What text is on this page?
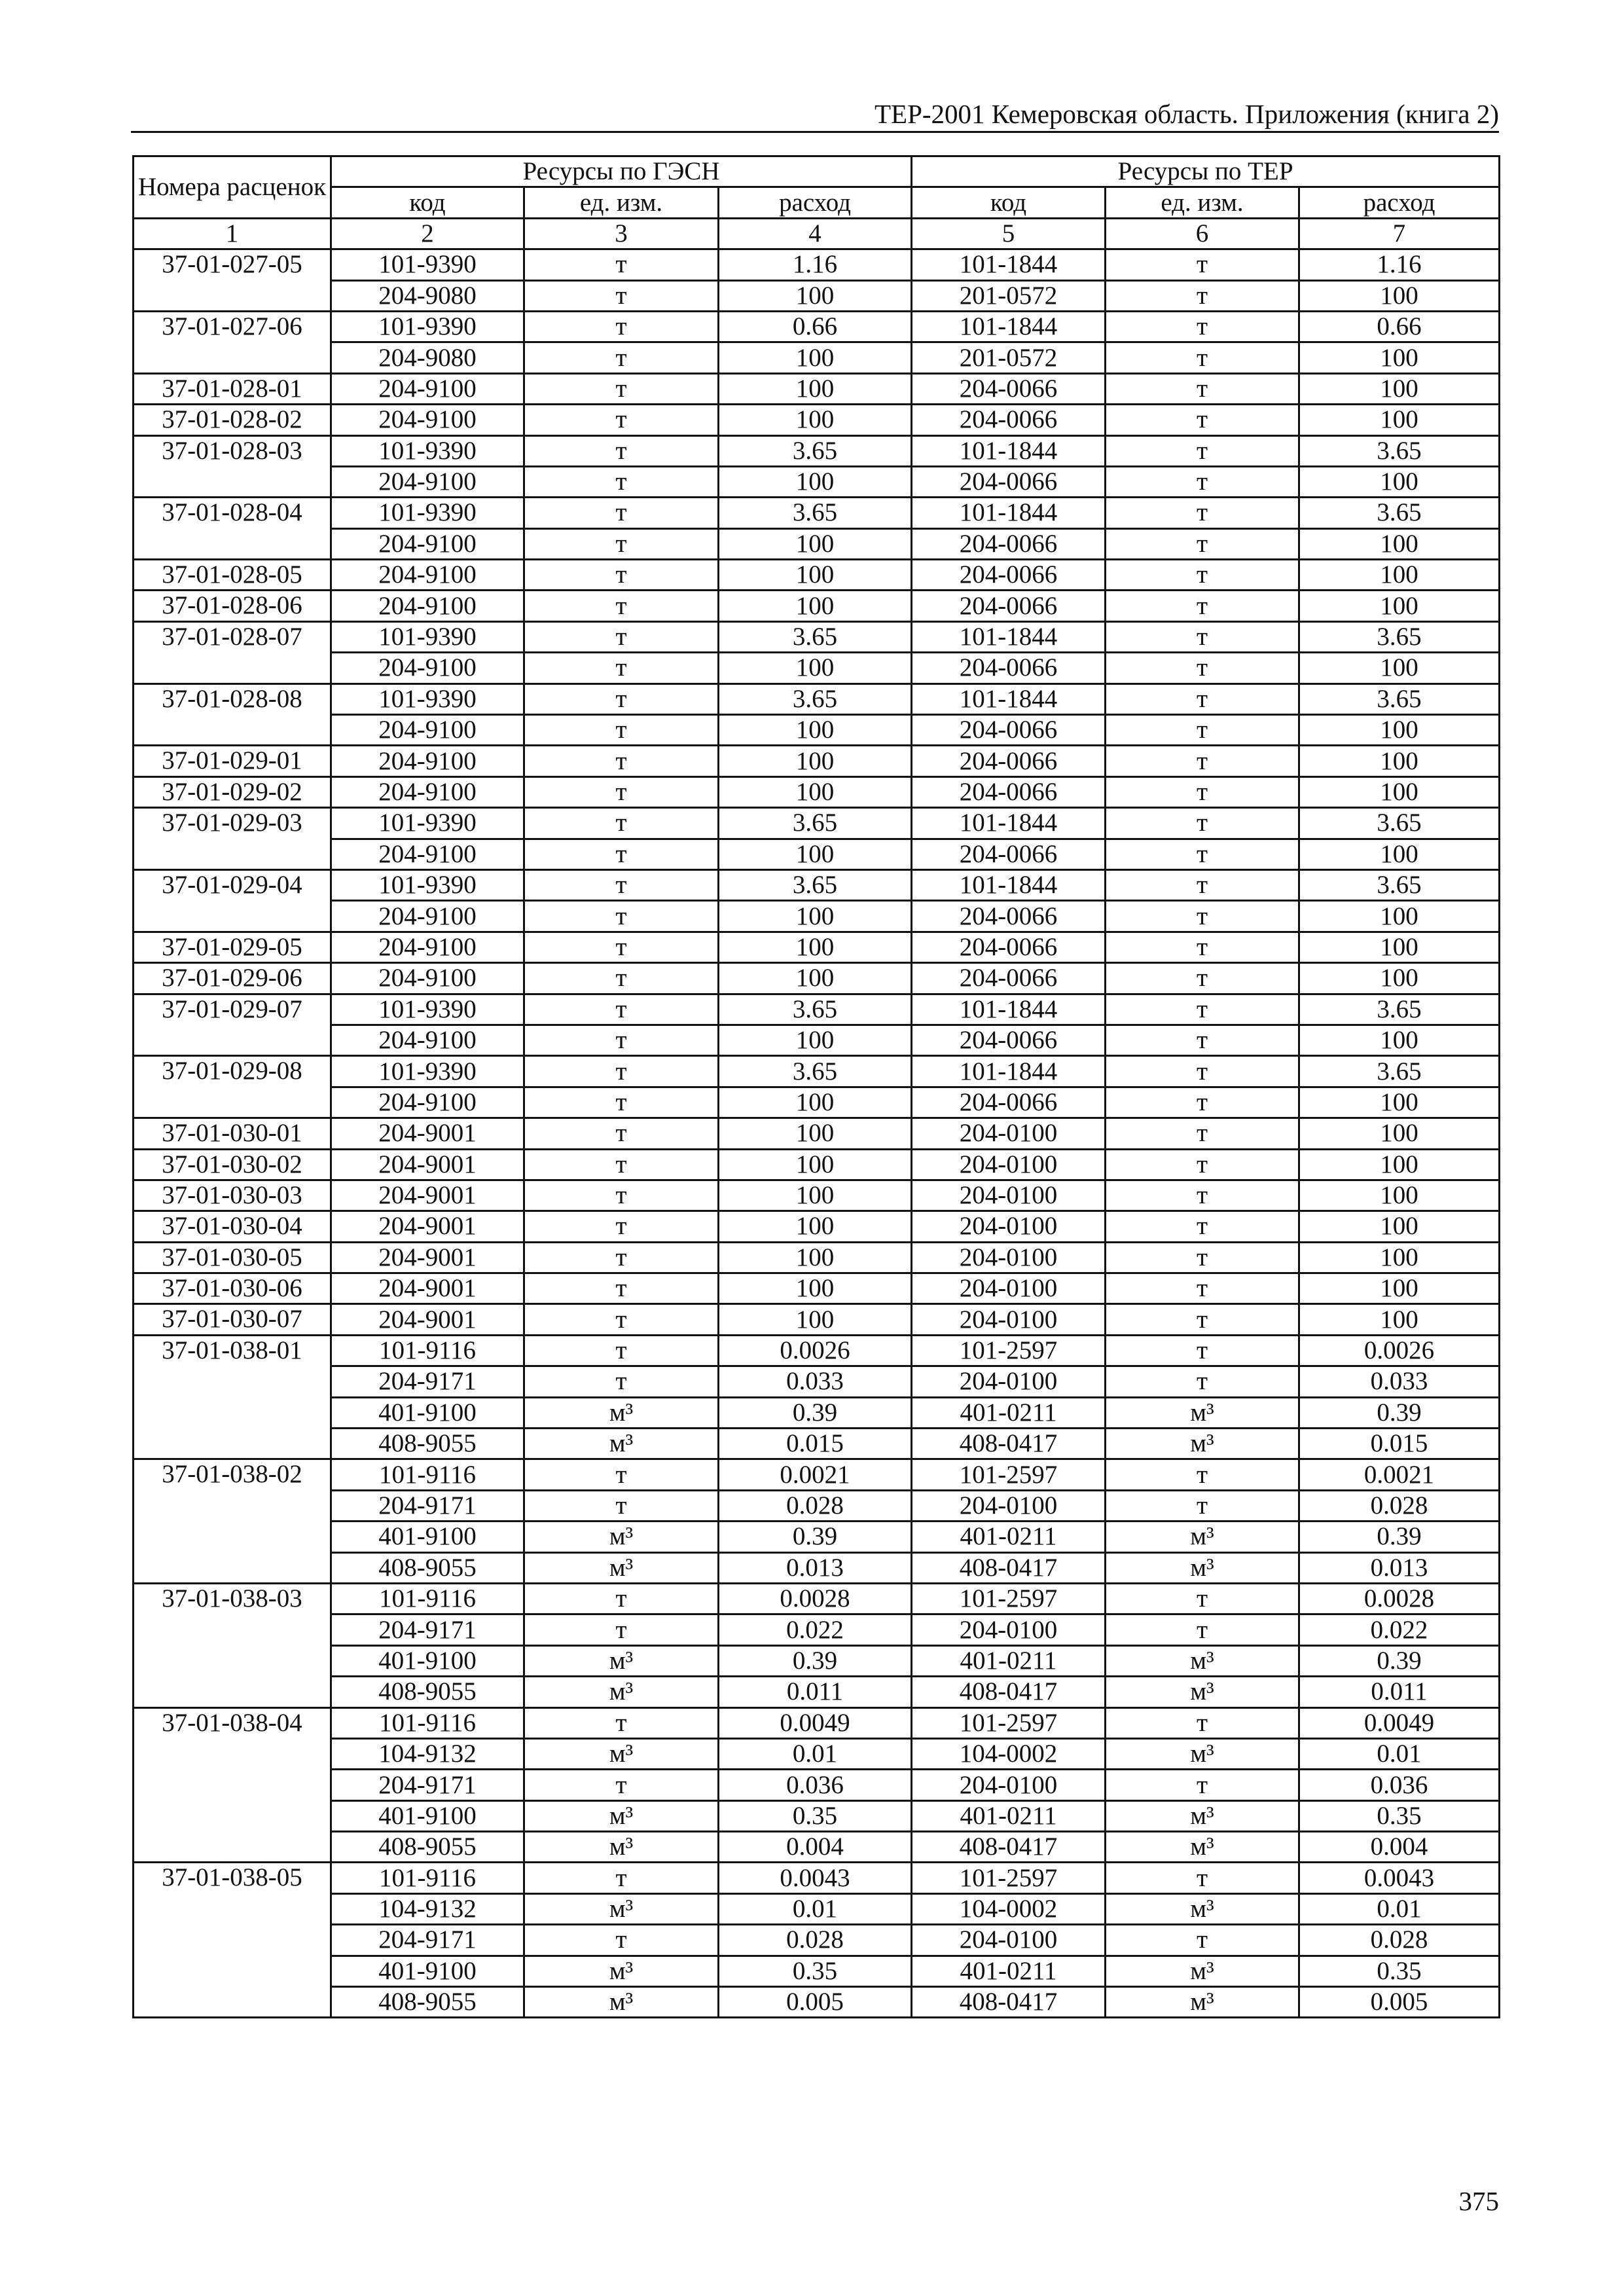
ТЕР-2001 Кемеровская область. Приложения (книга 2)
Номера расценок	Ресурсы по ГЭСН			Ресурсы по ТЕР		
	код	ед. изм.	расход	код	ед. изм.	расход
1	2	3	4	5	6	7
37-01-027-05	101-9390	т	1.16	101-1844	т	1.16
	204-9080	т	100	201-0572	т	100
37-01-027-06	101-9390	т	0.66	101-1844	т	0.66
	204-9080	т	100	201-0572	т	100
37-01-028-01	204-9100	т	100	204-0066	т	100
37-01-028-02	204-9100	т	100	204-0066	т	100
37-01-028-03	101-9390	т	3.65	101-1844	т	3.65
	204-9100	т	100	204-0066	т	100
37-01-028-04	101-9390	т	3.65	101-1844	т	3.65
	204-9100	т	100	204-0066	т	100
37-01-028-05	204-9100	т	100	204-0066	т	100
37-01-028-06	204-9100	т	100	204-0066	т	100
37-01-028-07	101-9390	т	3.65	101-1844	т	3.65
	204-9100	т	100	204-0066	т	100
37-01-028-08	101-9390	т	3.65	101-1844	т	3.65
	204-9100	т	100	204-0066	т	100
37-01-029-01	204-9100	т	100	204-0066	т	100
37-01-029-02	204-9100	т	100	204-0066	т	100
37-01-029-03	101-9390	т	3.65	101-1844	т	3.65
	204-9100	т	100	204-0066	т	100
37-01-029-04	101-9390	т	3.65	101-1844	т	3.65
	204-9100	т	100	204-0066	т	100
37-01-029-05	204-9100	т	100	204-0066	т	100
37-01-029-06	204-9100	т	100	204-0066	т	100
37-01-029-07	101-9390	т	3.65	101-1844	т	3.65
	204-9100	т	100	204-0066	т	100
37-01-029-08	101-9390	т	3.65	101-1844	т	3.65
	204-9100	т	100	204-0066	т	100
37-01-030-01	204-9001	т	100	204-0100	т	100
37-01-030-02	204-9001	т	100	204-0100	т	100
37-01-030-03	204-9001	т	100	204-0100	т	100
37-01-030-04	204-9001	т	100	204-0100	т	100
37-01-030-05	204-9001	т	100	204-0100	т	100
37-01-030-06	204-9001	т	100	204-0100	т	100
37-01-030-07	204-9001	т	100	204-0100	т	100
37-01-038-01	101-9116	т	0.0026	101-2597	т	0.0026
	204-9171	т	0.033	204-0100	т	0.033
	401-9100	м³	0.39	401-0211	м³	0.39
	408-9055	м³	0.015	408-0417	м³	0.015
37-01-038-02	101-9116	т	0.0021	101-2597	т	0.0021
	204-9171	т	0.028	204-0100	т	0.028
	401-9100	м³	0.39	401-0211	м³	0.39
	408-9055	м³	0.013	408-0417	м³	0.013
37-01-038-03	101-9116	т	0.0028	101-2597	т	0.0028
	204-9171	т	0.022	204-0100	т	0.022
	401-9100	м³	0.39	401-0211	м³	0.39
	408-9055	м³	0.011	408-0417	м³	0.011
37-01-038-04	101-9116	т	0.0049	101-2597	т	0.0049
	104-9132	м³	0.01	104-0002	м³	0.01
	204-9171	т	0.036	204-0100	т	0.036
	401-9100	м³	0.35	401-0211	м³	0.35
	408-9055	м³	0.004	408-0417	м³	0.004
37-01-038-05	101-9116	т	0.0043	101-2597	т	0.0043
	104-9132	м³	0.01	104-0002	м³	0.01
	204-9171	т	0.028	204-0100	т	0.028
	401-9100	м³	0.35	401-0211	м³	0.35
	408-9055	м³	0.005	408-0417	м³	0.005
375
